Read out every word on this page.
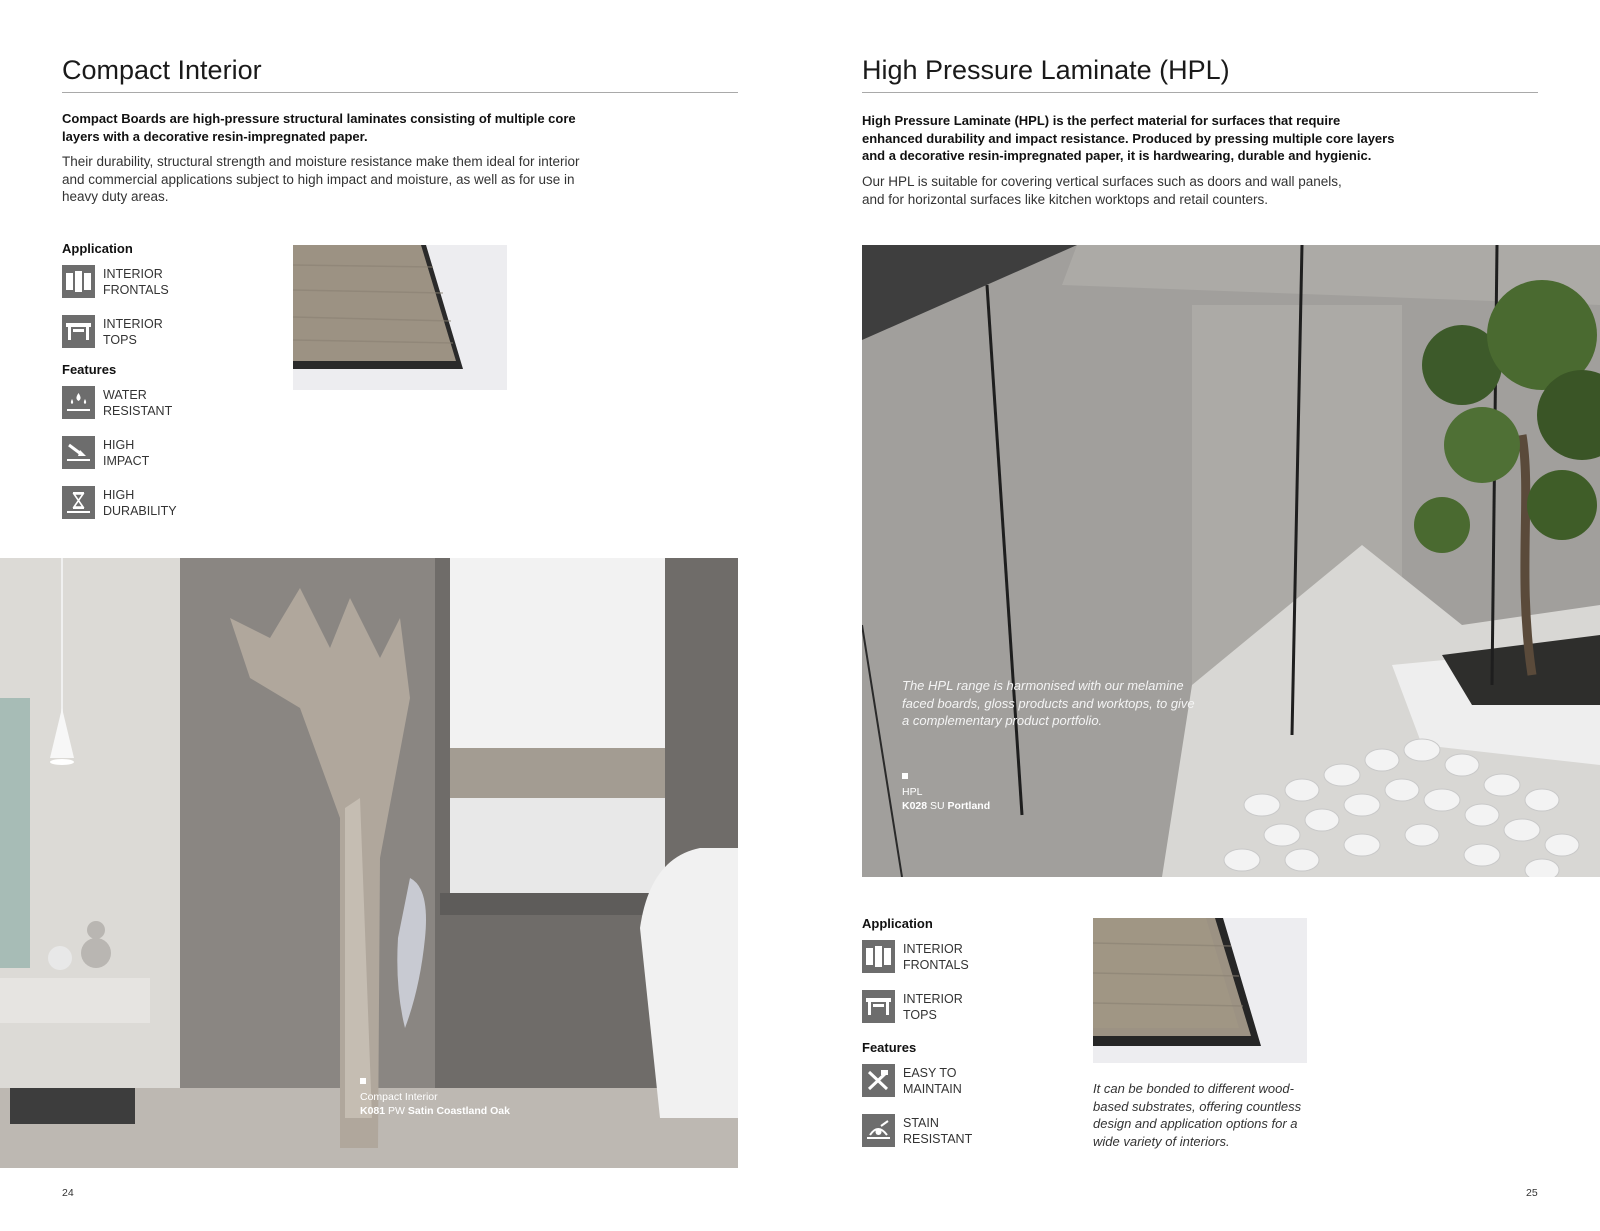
Compact Interior

Compact Boards are high-pressure structural laminates consisting of multiple core layers with a decorative resin-impregnated paper.

Their durability, structural strength and moisture resistance make them ideal for interior and commercial applications subject to high impact and moisture, as well as for use in heavy duty areas.

Application
INTERIOR
FRONTALS
INTERIOR
TOPS
Features
WATER
RESISTANT
HIGH
IMPACT
HIGH
DURABILITY
Compact Interior
K081 PW Satin Coastland Oak
24
High Pressure Laminate (HPL)

High Pressure Laminate (HPL) is the perfect material for surfaces that require enhanced durability and impact resistance. Produced by pressing multiple core layers and a decorative resin-impregnated paper, it is hardwearing, durable and hygienic.

Our HPL is suitable for covering vertical surfaces such as doors and wall panels, and for horizontal surfaces like kitchen worktops and retail counters.

The HPL range is harmonised with our melamine faced boards, gloss products and worktops, to give a complementary product portfolio.

HPL
K028 SU Portland
Application
INTERIOR
FRONTALS
INTERIOR
TOPS
Features
EASY TO
MAINTAIN
STAIN
RESISTANT

It can be bonded to different wood-based substrates, offering countless design and application options for a wide variety of interiors.

25
